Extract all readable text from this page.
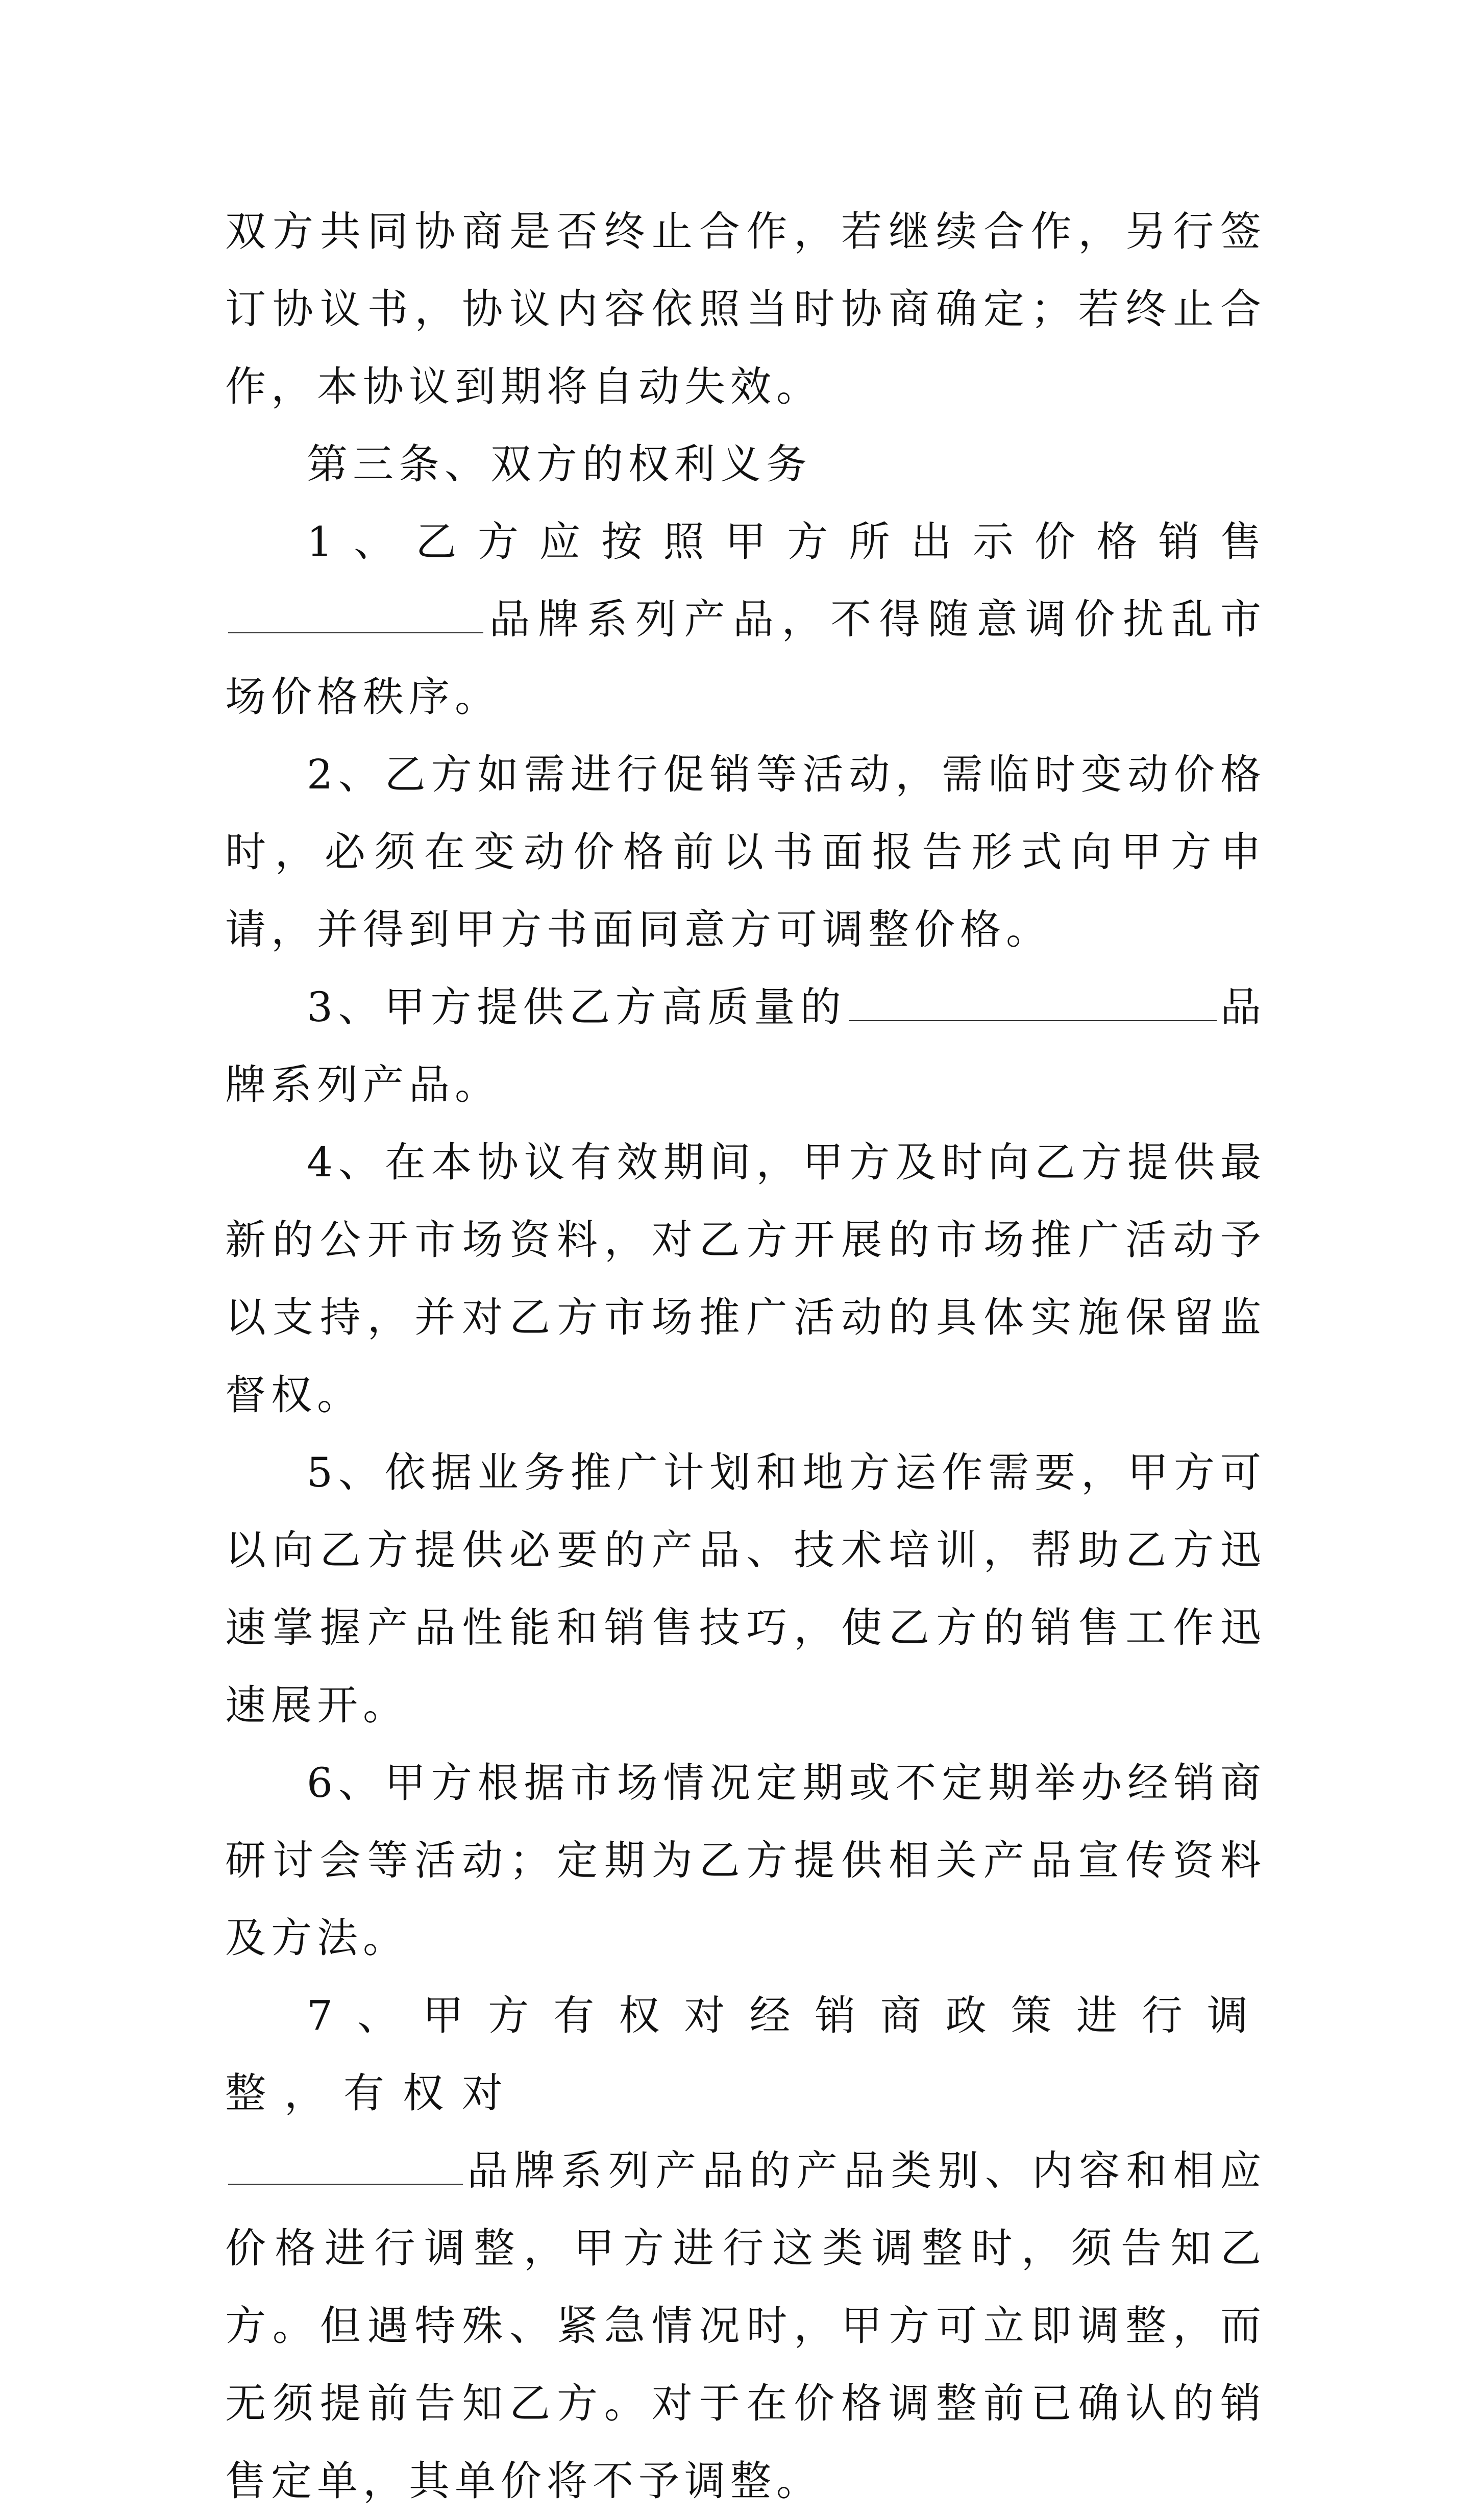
双方共同协商是否终止合作，若继续合作，另行签订协议书，协议内容依照当时协商确定；若终止合作，本协议到期将自动失效。

第三条、双方的权利义务

1、乙方应按照甲方所出示价格销售品牌系列产品，不得随意调价扰乱市场价格秩序。

2、乙方如需进行促销等活动，需临时变动价格时，必须在变动价格前以书面报告形式向甲方申请，并得到甲方书面同意方可调整价格。

3、甲方提供乙方高质量的	品牌系列产品。

4、在本协议有效期间，甲方及时向乙方提供最新的公开市场资料，对乙方开展的市场推广活动予以支持，并对乙方市场推广活动的具体实施保留监督权。

5、依据业务推广计划和地方运作需要，甲方可以向乙方提供必要的产品、技术培训，帮助乙方迅速掌握产品性能和销售技巧，使乙方的销售工作迅速展开。

6、甲方根据市场情况定期或不定期举办经销商研讨会等活动；定期为乙方提供相关产品宣传资料及方法。

7、甲方有权对经销商政策进行调整，有权对
品牌系列产品的产品类别、内容和相应价格进行调整，甲方进行这类调整时，须告知乙方。但遇特殊、紧急情况时，甲方可立即调整，而无须提前告知乙方。对于在价格调整前已确认的销售定单，其单价将不予调整。
